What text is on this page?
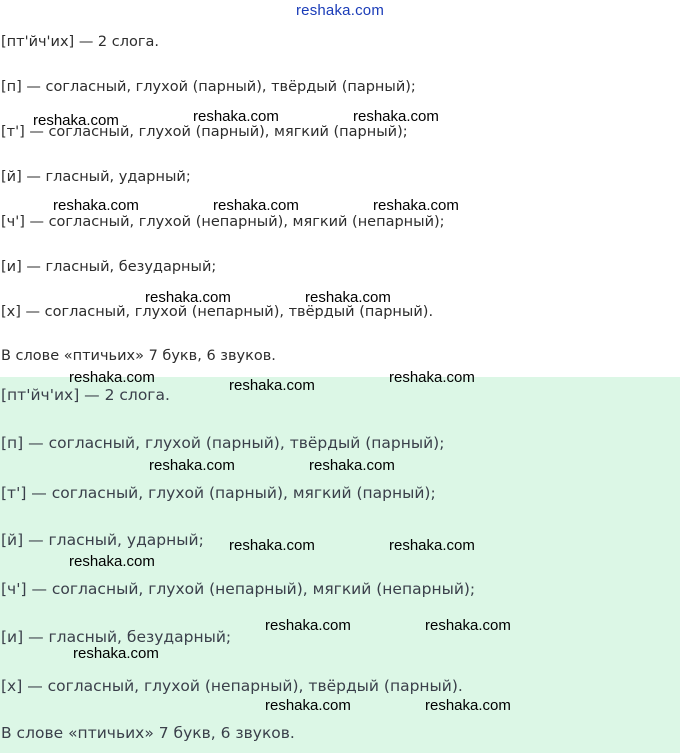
reshaka.com

[пт'йч'их] — 2 слога.

[п] — согласный, глухой (парный), твёрдый (парный);

[т'] — согласный, глухой (парный), мягкий (парный);

[й] — гласный, ударный;

[ч'] — согласный, глухой (непарный), мягкий (непарный);

[и] — гласный, безударный;

[х] — согласный, глухой (непарный), твёрдый (парный).

В слове «птичьих» 7 букв, 6 звуков.

[пт'йч'их] — 2 слога.

[п] — согласный, глухой (парный), твёрдый (парный);

[т'] — согласный, глухой (парный), мягкий (парный);

[й] — гласный, ударный;

[ч'] — согласный, глухой (непарный), мягкий (непарный);

[и] — гласный, безударный;

[х] — согласный, глухой (непарный), твёрдый (парный).

В слове «птичьих» 7 букв, 6 звуков.

reshaka.com	reshaka.com	reshaka.com
reshaka.com	reshaka.com	reshaka.com
reshaka.com	reshaka.com
reshaka.com	reshaka.com	reshaka.com
reshaka.com	reshaka.com
reshaka.com	reshaka.com
reshaka.com
reshaka.com	reshaka.com
reshaka.com
reshaka.com	reshaka.com
